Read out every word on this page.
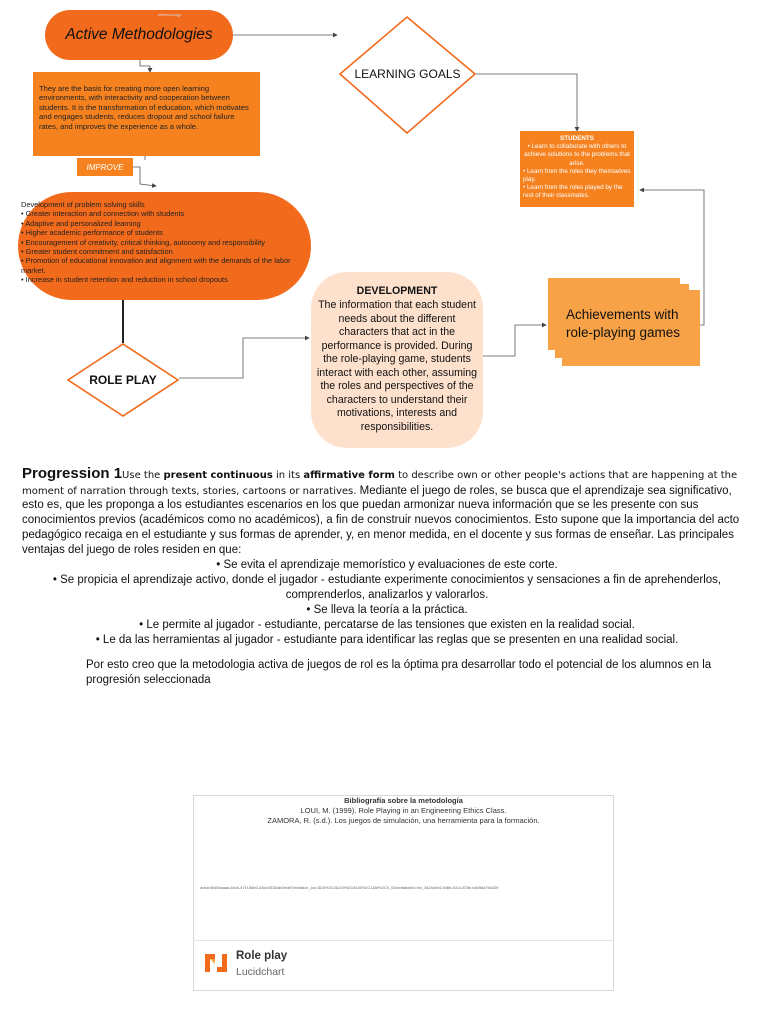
Active Methodologies
Methodology
They are the basis for creating more open learning environments, with interactivity and cooperation between students. It is the transformation of education, which motivates and engages students, reduces dropout and school failure rates, and improves the experience as a whole.
IMPROVE
Development of problem solving skills
• Greater interaction and connection with students
• Adaptive and personalized learning
• Higher academic performance of students
• Encouragement of creativity, critical thinking, autonomy and responsibility
• Greater student commitment and satisfaction
• Promotion of educational innovation and alignment with the demands of the labor market.
• Increase in student retention and reduction in school dropouts
LEARNING GOALS
ROLE PLAY
DEVELOPMENT
The information that each student needs about the different characters that act in the performance is provided. During the role-playing game, students interact with each other, assuming the roles and perspectives of the characters to understand their motivations, interests and responsibilities.
STUDENTS
• Learn to collaborate with others to achieve solutions to the problems that arise.
• Learn from the roles they themselves play.
• Learn from the roles played by the rest of their classmates.
Achievements with role-playing games
Progression 1Use the present continuous in its affirmative form to describe own or other people's actions that are happening at the moment of narration through texts, stories, cartoons or narratives. Mediante el juego de roles, se busca que el aprendizaje sea significativo, esto es, que les proponga a los estudiantes escenarios en los que puedan armonizar nueva información que se les presente con sus conocimientos previos (académicos como no académicos), a fin de construir nuevos conocimientos. Esto supone que la importancia del acto pedagógico recaiga en el estudiante y sus formas de aprender, y, en menor medida, en el docente y sus formas de enseñar. Las principales ventajas del juego de roles residen en que:
• Se evita el aprendizaje memorístico y evaluaciones de este corte.
• Se propicia el aprendizaje activo, donde el jugador - estudiante experimente conocimientos y sensaciones a fin de aprehenderlos, comprenderlos, analizarlos y valorarlos.
• Se lleva la teoría a la práctica.
• Le permite al jugador - estudiante, percatarse de las tensiones que existen en la realidad social.
• Le da las herramientas al jugador - estudiante para identificar las reglas que se presenten en una realidad social.
Por esto creo que la metodologia activa de juegos de rol es la óptima pra desarrollar todo el potencial de los alumnos en la progresión seleccionada
Bibliografía sobre la metodología
LOUI, M. (1999). Role Playing in an Engineering Ethics Class.
ZAMORA, R. (s.d.). Los juegos de simulación, una herramienta para la formación.
dchart/640baaaa-64c5-471f-88b0-d3cb3f152ab0/edit?invitation_loc=3D0%2C0&100%2C6440%2C1&M%2C0_0&invitationId=Inv_3a25c5e4-5d8b-4014-878e-ba056a75a329
Role play
Lucidchart
